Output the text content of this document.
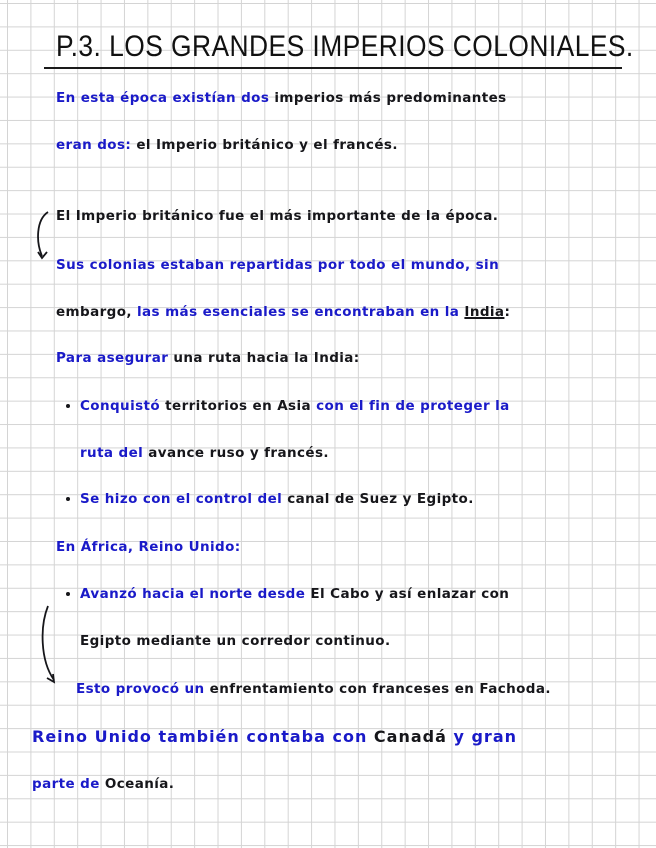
P.3. LOS GRANDES IMPERIOS COLONIALES.
En esta época existían dos imperios más predominantes
eran dos: el Imperio británico y el francés.
El Imperio británico fue el más importante de la época.
Sus colonias estaban repartidas por todo el mundo, sin
embargo, las más esenciales se encontraban en la India:
Para asegurar una ruta hacia la India:
Conquistó territorios en Asia con el fin de proteger la
ruta del avance ruso y francés.
Se hizo con el control del canal de Suez y Egipto.
En África, Reino Unido:
Avanzó hacia el norte desde El Cabo y así enlazar con
Egipto mediante un corredor continuo.
Esto provocó un enfrentamiento con franceses en Fachoda.
Reino Unido también contaba con Canadá y gran
parte de Oceanía.
